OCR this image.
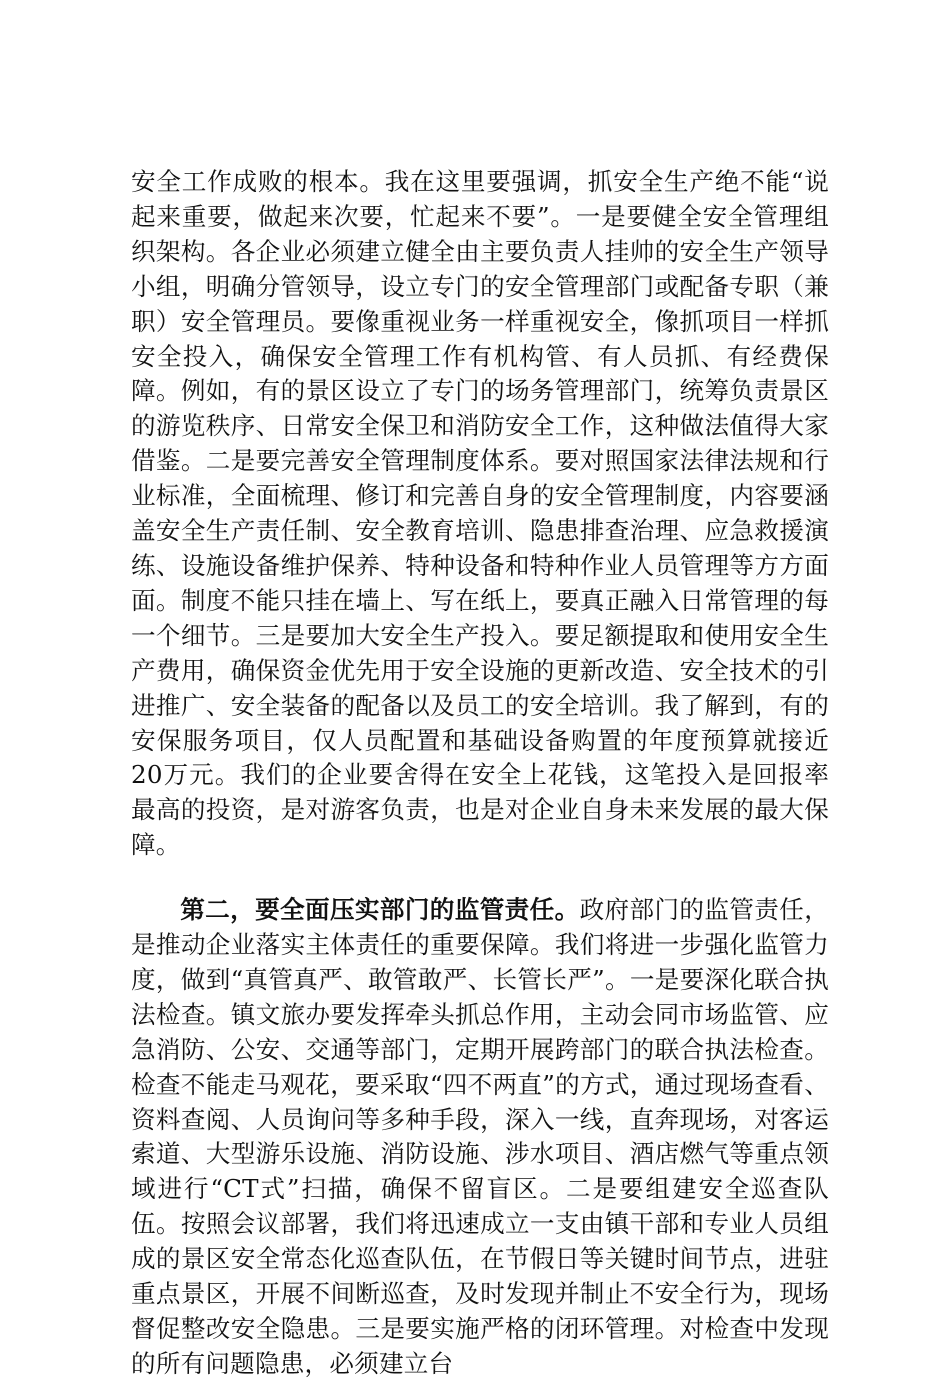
安全工作成败的根本。我在这里要强调，抓安全生产绝不能“说起来重要，做起来次要，忙起来不要”。一是要健全安全管理组织架构。各企业必须建立健全由主要负责人挂帅的安全生产领导小组，明确分管领导，设立专门的安全管理部门或配备专职（兼职）安全管理员。要像重视业务一样重视安全，像抓项目一样抓安全投入，确保安全管理工作有机构管、有人员抓、有经费保障。例如，有的景区设立了专门的场务管理部门，统筹负责景区的游览秩序、日常安全保卫和消防安全工作，这种做法值得大家借鉴。二是要完善安全管理制度体系。要对照国家法律法规和行业标准，全面梳理、修订和完善自身的安全管理制度，内容要涵盖安全生产责任制、安全教育培训、隐患排查治理、应急救援演练、设施设备维护保养、特种设备和特种作业人员管理等方方面面。制度不能只挂在墙上、写在纸上，要真正融入日常管理的每一个细节。三是要加大安全生产投入。要足额提取和使用安全生产费用，确保资金优先用于安全设施的更新改造、安全技术的引进推广、安全装备的配备以及员工的安全培训。我了解到，有的安保服务项目，仅人员配置和基础设备购置的年度预算就接近20万元。我们的企业要舍得在安全上花钱，这笔投入是回报率最高的投资，是对游客负责，也是对企业自身未来发展的最大保障。

第二，要全面压实部门的监管责任。政府部门的监管责任，是推动企业落实主体责任的重要保障。我们将进一步强化监管力度，做到“真管真严、敢管敢严、长管长严”。一是要深化联合执法检查。镇文旅办要发挥牵头抓总作用，主动会同市场监管、应急消防、公安、交通等部门，定期开展跨部门的联合执法检查。检查不能走马观花，要采取“四不两直”的方式，通过现场查看、资料查阅、人员询问等多种手段，深入一线，直奔现场，对客运索道、大型游乐设施、消防设施、涉水项目、酒店燃气等重点领域进行“CT式”扫描，确保不留盲区。二是要组建安全巡查队伍。按照会议部署，我们将迅速成立一支由镇干部和专业人员组成的景区安全常态化巡查队伍，在节假日等关键时间节点，进驻重点景区，开展不间断巡查，及时发现并制止不安全行为，现场督促整改安全隐患。三是要实施严格的闭环管理。对检查中发现的所有问题隐患，必须建立台
